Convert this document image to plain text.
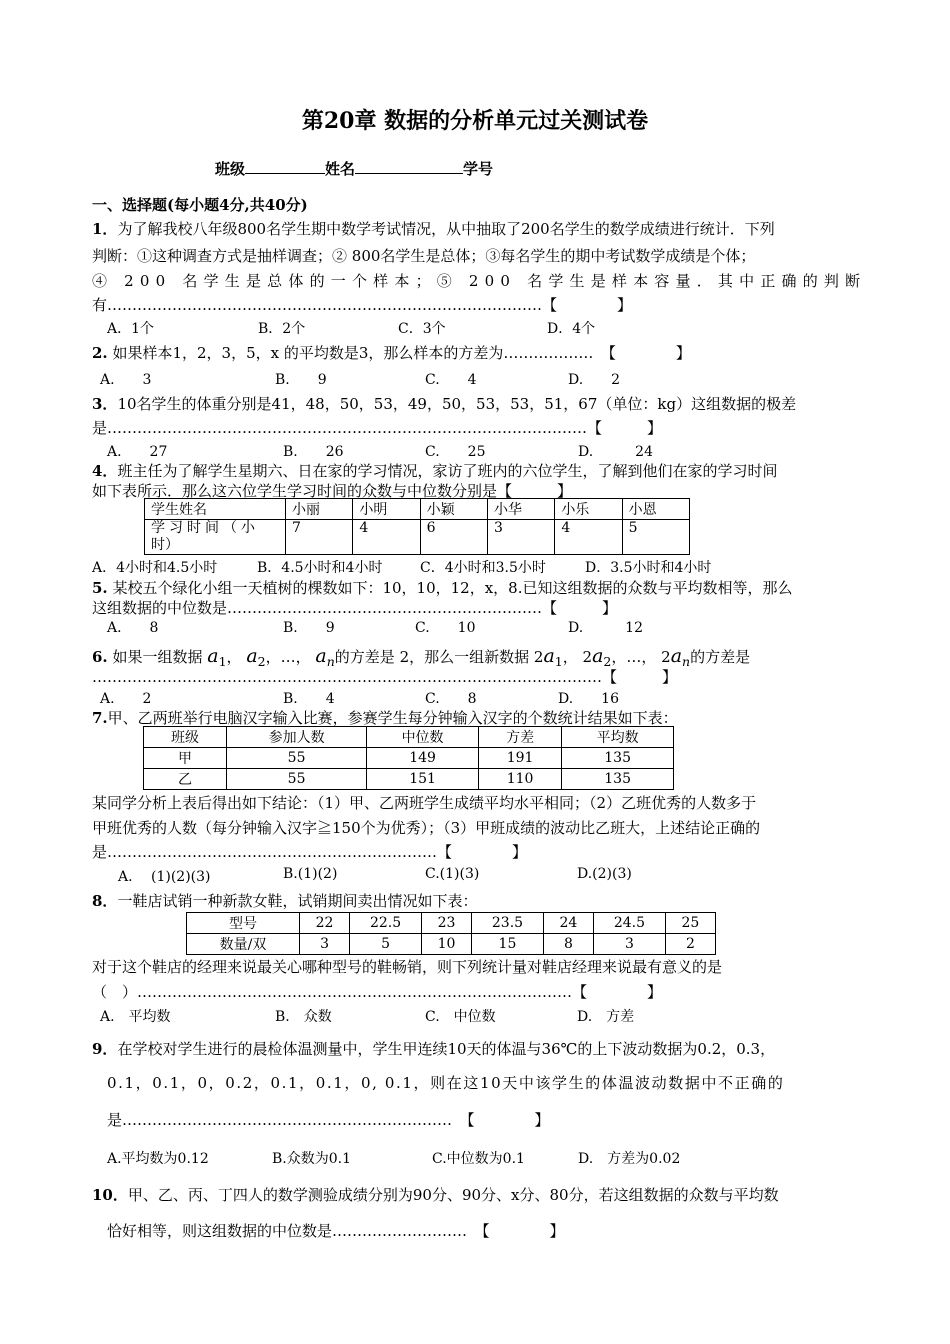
第20章 数据的分析单元过关测试卷
班级	姓名	学号
一、选择题(每小题4分,共40分)
1．为了解我校八年级800名学生期中数学考试情况，从中抽取了200名学生的数学成绩进行统计．下列
判断：①这种调查方式是抽样调查；② 800名学生是总体；③每名学生的期中考试数学成绩是个体；
④ 200 名学生是总体的一个样本；⑤ 200 名学生是样本容量．其中正确的判断
有……………………………………………………………………………【　　　　】
A．1个	B．2个	C．3个	D．4个
2. 如果样本1，2，3，5，x 的平均数是3，那么样本的方差为………………　【　　　　】
A.　　3	B.　　9	C.　　4	D.　　2
3．10名学生的体重分别是41，48，50，53，49，50，53，53，51，67（单位：kg）这组数据的极差
是……………………………………………………………………………………【　　　】
A.　　27	B.　　26	C.　　25	D.　　　24
4．班主任为了解学生星期六、日在家的学习情况，家访了班内的六位学生，了解到他们在家的学习时间
如下表所示．那么这六位学生学习时间的众数与中位数分别是【　　　】
学生姓名	小丽	小明	小颖	小华	小乐	小恩
学习时间（小
时）	7	4	6	3	4	5
A．4小时和4.5小时	B．4.5小时和4小时	C．4小时和3.5小时	D．3.5小时和4小时
5. 某校五个绿化小组一天植树的棵数如下：10，10，12，x，8.已知这组数据的众数与平均数相等，那么
这组数据的中位数是………………………………………………………【　　　】
A.　　8	B.　　9	C.　　10	D.　　　12
6. 如果一组数据 $a_1$， $a_2$，…， $a_n$的方差是 2，那么一组新数据 $2a_1$， $2a_2$，…， $2a_n$的方差是
…………………………………………………………………………………………【　　　】
A.　　2	B.　　4	C.　　8	D.　　16
7.甲、乙两班举行电脑汉字输入比赛，参赛学生每分钟输入汉字的个数统计结果如下表：
班级	参加人数	中位数	方差	平均数
甲	55	149	191	135
乙	55	151	110	135
某同学分析上表后得出如下结论：（1）甲、乙两班学生成绩平均水平相同；（2）乙班优秀的人数多于
甲班优秀的人数（每分钟输入汉字≧150个为优秀）；（3）甲班成绩的波动比乙班大，上述结论正确的
是…………………………………………………………【　　　　】
A.　 (1)(2)(3)	B.(1)(2)	C.(1)(3)	D.(2)(3)
8．一鞋店试销一种新款女鞋，试销期间卖出情况如下表：
型号	22	22.5	23	23.5	24	24.5	25
数量/双	3	5	10	15	8	3	2
对于这个鞋店的经理来说最关心哪种型号的鞋畅销，则下列统计量对鞋店经理来说最有意义的是
（　）……………………………………………………………………………【　　　　】
A.　平均数	B.　众数	C.　中位数	D.　方差
9．在学校对学生进行的晨检体温测量中，学生甲连续10天的体温与36℃的上下波动数据为0.2，0.3，
0.1，0.1，0，0.2，0.1，0.1，0, 0.1，则在这10天中该学生的体温波动数据中不正确的
是…………………………………………………………　【　　　　】
A.平均数为0.12	B.众数为0.1	C.中位数为0.1	D.　方差为0.02
10．甲、乙、丙、丁四人的数学测验成绩分别为90分、90分、x分、80分，若这组数据的众数与平均数
恰好相等，则这组数据的中位数是………………………　【　　　　】
